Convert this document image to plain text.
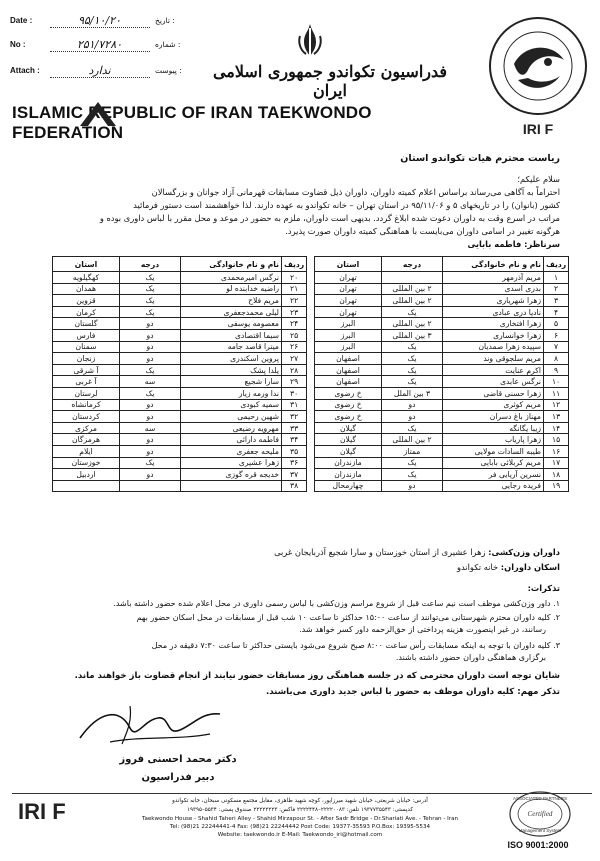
Date :	۹۵/۱۰/۲۰	تاریخ :
No :	۲۵۱/۷۲۸۰	شماره :
Attach :	ندارد	پیوست :	فدراسیون تکواندو جمهوری اسلامی ایران
IRI F
ISLAMIC REPUBLIC OF IRAN TAEKWONDO FEDERATION
ریاست محترم هیات تکواندو استان
سلام علیکم؛
احتراماً به آگاهی می‌رساند براساس اعلام کمیته داوران، داوران ذیل قضاوت مسابقات قهرمانی آزاد جوانان و بزرگسالان
کشور (بانوان) را در تاریخهای ۵ و ۹۵/۱۱/۰۶ در استان تهران – خانه تکواندو به عهده دارند. لذا خواهشمند است دستور فرمائید
مراتب در اسرع وقت به داوران دعوت شده ابلاغ گردد. بدیهی است داوران، ملزم به حضور در موعد و محل مقرر با لباس داوری بوده و
هرگونه تغییر در اسامی داوران می‌بایست با هماهنگی کمیته داوران صورت پذیرد.
سرناظر: فاطمه بابایی
ردیف	نام و نام خانوادگی	درجه	استان
۱	مریم آذرمهر		تهران
۲	بدری اسدی	۲ بین المللی	تهران
۳	زهرا شهریاری	۲ بین المللی	تهران
۴	نادیا دری عبادی	یک	تهران
۵	زهرا افتخاری	۲ بین المللی	البرز
۶	زهرا خوانساری	۳ بین المللی	البرز
۷	سپیده زهرا صمدیان	یک	البرز
۸	مریم سلجوقی وند	یک	اصفهان
۹	اکرم عنایت	یک	اصفهان
۱۰	نرگس عابدی	یک	اصفهان
۱۱	زهرا حسنی قاضی	۳ بین الملل	خ رضوی
۱۲	مریم کوثری	دو	خ رضوی
۱۳	مهناز باغ دسران	دو	خ رضوی
۱۴	زیبا یگانگه	یک	گیلان
۱۵	زهرا پاریاب	۲ بین المللی	گیلان
۱۶	طیبه السادات مولایی	ممتاز	گیلان
۱۷	مریم کربلائی بابایی	یک	مازندران
۱۸	نسرین آریایی فر	یک	مازندران
۱۹	فریده رجایی	دو	چهارمحال
ردیف	نام و نام خانوادگی	درجه	استان
۲۰	نرگس امیرمحمدی	یک	کهگیلویه
۲۱	راضیه خدابنده لو	یک	همدان
۲۲	مریم فلاح	یک	قزوین
۲۳	لیلی محمدجعفری	یک	کرمان
۲۴	معصومه یوسفی	دو	گلستان
۲۵	سیما اقتصادی	دو	فارس
۲۶	میترا قاصد جامه	دو	سمنان
۲۷	پروین اسکندری	دو	زنجان
۲۸	یلدا پشک	یک	آ شرقی
۲۹	سارا شجیع	سه	آ غربی
۳۰	ندا ورمه زیار	یک	لرستان
۳۱	سمیه کبودی	دو	کرمانشاه
۳۲	شهین رحیمی	دو	کردستان
۳۳	مهرویه رضیعی	سه	مرکزی
۳۴	فاطمه دارائی	دو	هرمزگان
۳۵	ملیحه جعفری	دو	ایلام
۳۶	زهرا عشیری	یک	خوزستان
۳۷	خدیجه قره گوزی	دو	اردبیل
۳۸			
داوران وزن‌کشی: زهرا عشیری از استان خوزستان و سارا شجیع آذربایجان غربی
اسکان داوران: خانه تکواندو
تذکرات:
۱. داور وزن‌کشی موظف است نیم ساعت قبل از شروع مراسم وزن‌کشی با لباس رسمی داوری در محل اعلام شده حضور داشته باشد.
۲. کلیه داوران محترم شهرستانی می‌توانند از ساعت ۱۵:۰۰ حداکثر تا ساعت ۱۰ شب قبل از مسابقات در محل اسکان حضور بهم
رسانند، در غیر اینصورت هزینه پرداختی از حق‌الزحمه داور کسر خواهد شد.
۳. کلیه داوران با توجه به اینکه مسابقات رأس ساعت ۸:۰۰ صبح شروع می‌شود بایستی حداکثر تا ساعت ۷:۳۰ دقیقه در محل
برگزاری هماهنگی داوران حضور داشته باشند.
شایان توجه است داوران محترمی که در جلسه هماهنگی روز مسابقات حضور نیابند از انجام قضاوت باز خواهند ماند.
تذکر مهم: کلیه داوران موظف به حضور با لباس جدید داوری می‌باشند.
دکتر محمد احسنی فروز
دبیر فدراسیون
IRI F	آدرس: خیابان شریعتی، خیابان شهید میرزاپور، کوچه شهید طاهری، مقابل مجتمع مسکونی سبحان، خانه تکواندو
کدپستی: ۱۹۳۷۷۳۵۵۴۳ تلفن: ۲۲۲۲۰۰۸۳–۲۲۲۲۴۴۸ فاکس: ۲۲۲۲۲۲۲۳ صندوق پستی: ۵۵۳۴–۱۹۳۹۵
Taekwondo House - Shahid Taheri Alley - Shahid Mirzapour St. - After Sadr Bridge - Dr.Shariati Ave. - Tehran - Iran
Tel: (98)21 22244441-4 Fax: (98)21 22244442 Post Code: 19377-35593 P.O.Box: 19395-5534
Website: taekwondo.ir E-Mail: Taekwondo_iri@hotmail.com
ASSOCIATED PARTNERS
Certified
Management System
ISO 9001:2000
